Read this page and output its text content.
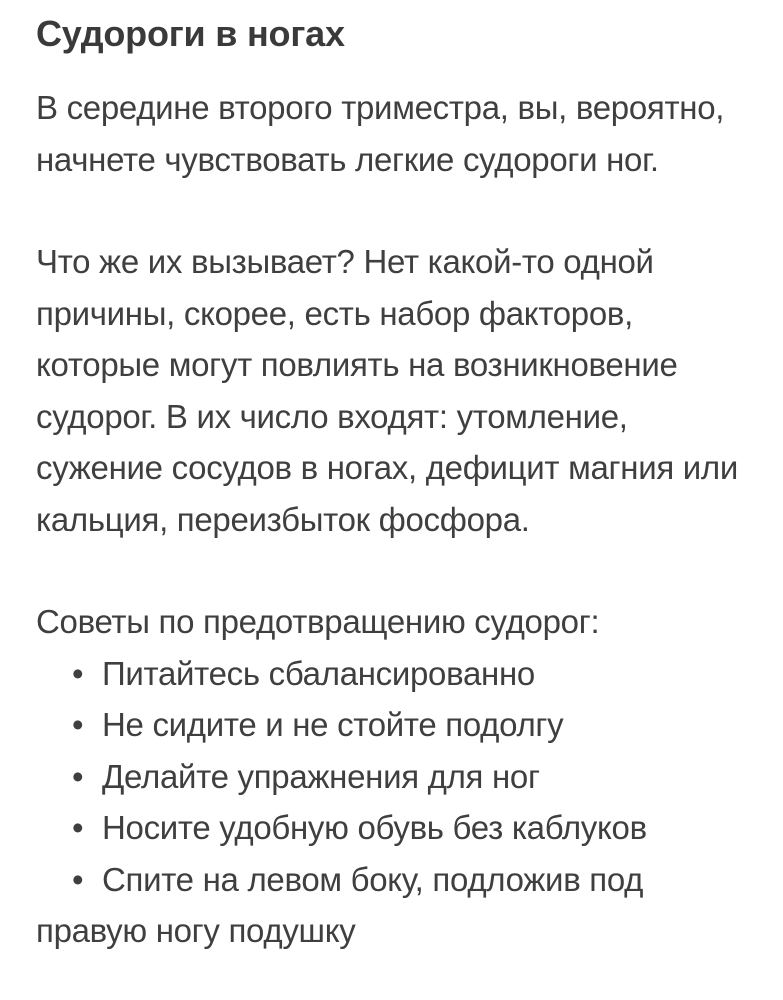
Судороги в ногах

В середине второго триместра, вы, вероятно, начнете чувствовать легкие судороги ног.

Что же их вызывает? Нет какой-то одной причины, скорее, есть набор факторов, которые могут повлиять на возникновение судорог. В их число входят: утомление, сужение сосудов в ногах, дефицит магния или кальция, переизбыток фосфора.

Советы по предотвращению судорог:

• Питайтесь сбалансированно
• Не сидите и не стойте подолгу
• Делайте упражнения для ног
• Носите удобную обувь без каблуков
• Спите на левом боку, подложив под правую ногу подушку
